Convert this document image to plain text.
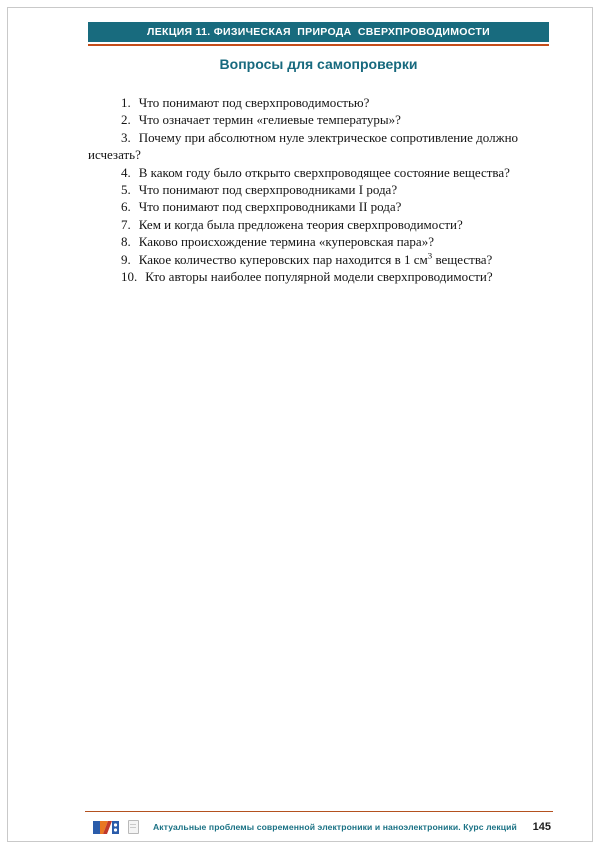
ЛЕКЦИЯ 11. ФИЗИЧЕСКАЯ  ПРИРОДА  СВЕРХПРОВОДИМОСТИ
Вопросы для самопроверки

1. Что понимают под сверхпроводимостью?

2. Что означает термин «гелиевые температуры»?

3. Почему при абсолютном нуле электрическое сопротивление должно исчезать?

4. В каком году было открыто сверхпроводящее состояние вещества?

5. Что понимают под сверхпроводниками I рода?

6. Что понимают под сверхпроводниками II рода?

7. Кем и когда была предложена теория сверхпроводимости?

8. Каково происхождение термина «куперовская пара»?

9. Какое количество куперовских пар находится в 1 $см^3$ вещества?

10. Кто авторы наиболее популярной модели сверхпроводимости?

Актуальные проблемы современной электроники и наноэлектроники. Курс лекций 145
